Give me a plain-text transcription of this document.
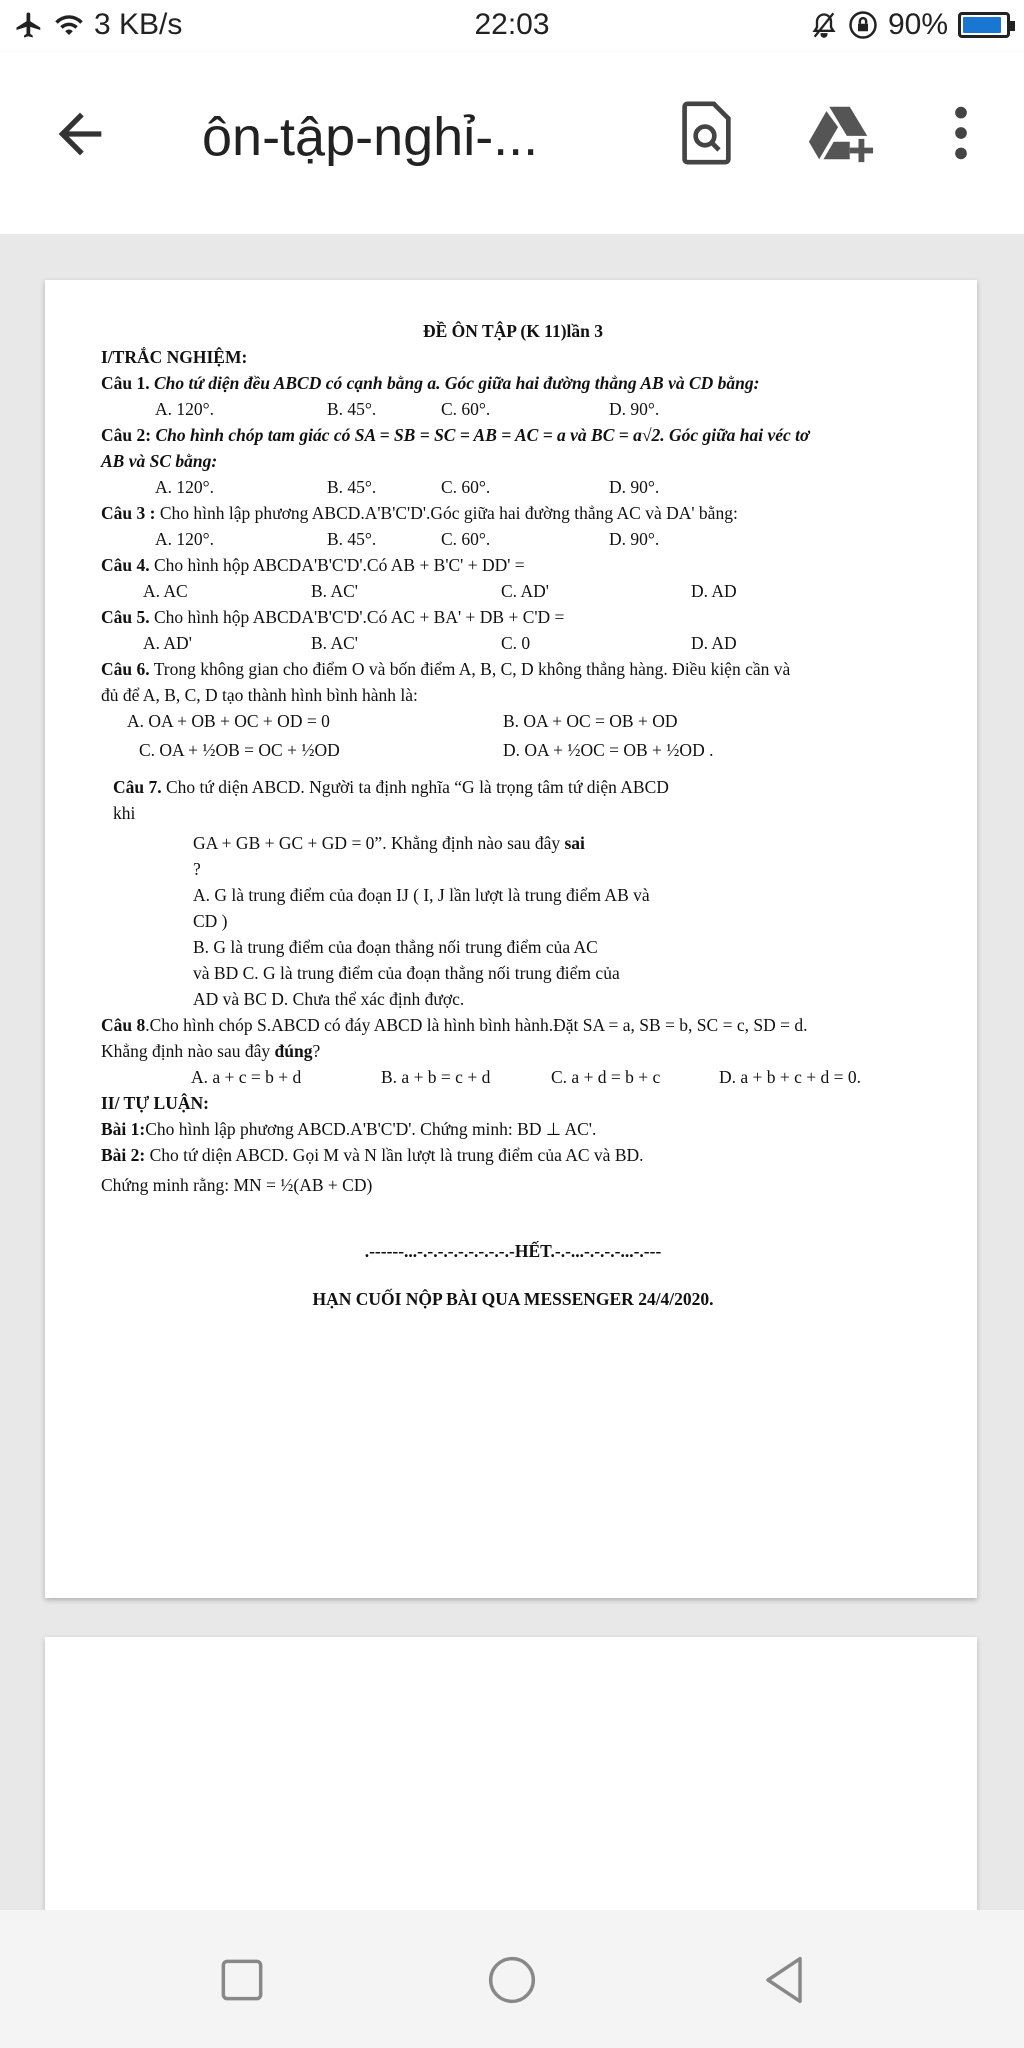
3 KB/s	22:03	90%
ôn-tập-nghỉ-...
ĐỀ ÔN TẬP (K 11)lần 3
I/TRẮC NGHIỆM:
Câu 1. Cho tứ diện đều ABCD có cạnh bằng a. Góc giữa hai đường thẳng AB và CD bằng:
A. 120°.	B. 45°.	C. 60°.	D. 90°.
Câu 2: Cho hình chóp tam giác có SA = SB = SC = AB = AC = a và BC = a√2. Góc giữa hai véc tơ
AB và SC bằng:
A. 120°.	B. 45°.	C. 60°.	D. 90°.
Câu 3 : Cho hình lập phương ABCD.A'B'C'D'.Góc giữa hai đường thẳng AC và DA' bằng:
A. 120°.	B. 45°.	C. 60°.	D. 90°.
Câu 4. Cho hình hộp ABCDA'B'C'D'.Có AB + B'C' + DD' =
A. AC	B. AC'	C. AD'	D. AD
Câu 5. Cho hình hộp ABCDA'B'C'D'.Có AC + BA' + DB + C'D =
A. AD'	B. AC'	C. 0	D. AD
Câu 6. Trong không gian cho điểm O và bốn điểm A, B, C, D không thẳng hàng. Điều kiện cần và
đủ để A, B, C, D tạo thành hình bình hành là:
A. OA + OB + OC + OD = 0	B. OA + OC = OB + OD
C. OA + ½OB = OC + ½OD	D. OA + ½OC = OB + ½OD .
Câu 7. Cho tứ diện ABCD. Người ta định nghĩa “G là trọng tâm tứ diện ABCD
khi
GA + GB + GC + GD = 0”. Khẳng định nào sau đây sai
?
A. G là trung điểm của đoạn IJ ( I, J lần lượt là trung điểm AB và
CD )
B. G là trung điểm của đoạn thẳng nối trung điểm của AC
và BD C. G là trung điểm của đoạn thẳng nối trung điểm của
AD và BC D. Chưa thể xác định được.
Câu 8.Cho hình chóp S.ABCD có đáy ABCD là hình bình hành.Đặt SA = a, SB = b, SC = c, SD = d.
Khẳng định nào sau đây đúng?
A. a + c = b + d	B. a + b = c + d	C. a + d = b + c	D. a + b + c + d = 0.
II/ TỰ LUẬN:
Bài 1:Cho hình lập phương ABCD.A'B'C'D'. Chứng minh: BD ⊥ AC'.
Bài 2: Cho tứ diện ABCD. Gọi M và N lần lượt là trung điểm của AC và BD.
Chứng minh rằng: MN = ½(AB + CD)
.------...-.-.-.-.-.-.-.-.-.-HẾT.-.-...-.-.-.-...-.---
HẠN CUỐI NỘP BÀI QUA MESSENGER 24/4/2020.
